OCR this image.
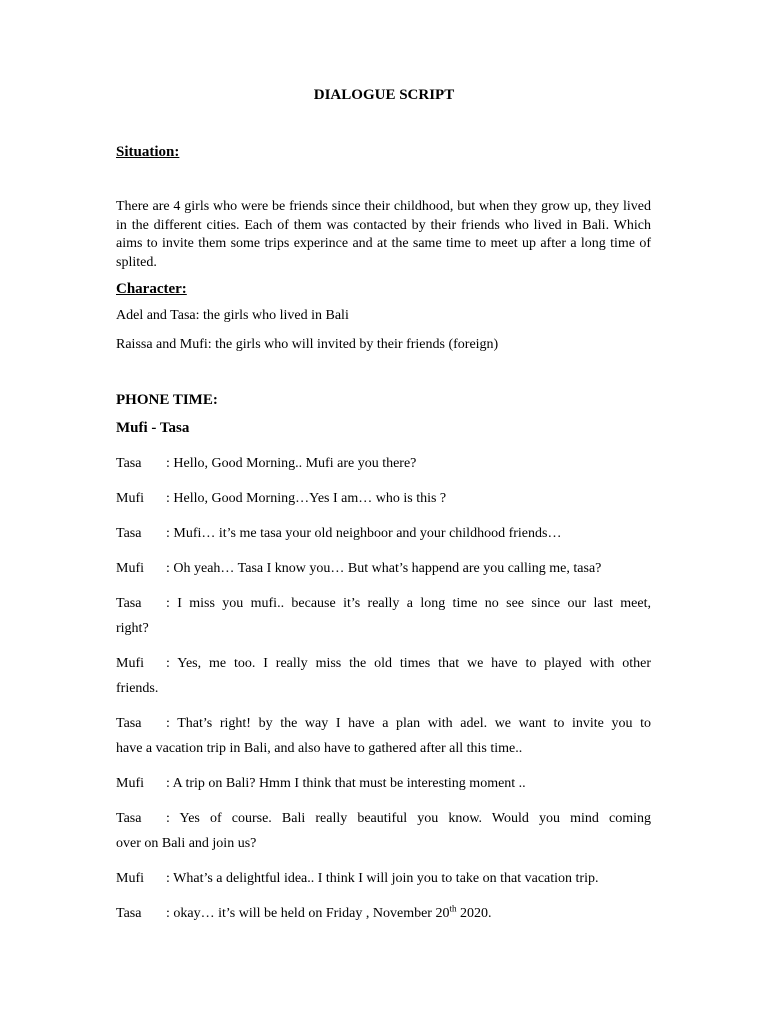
DIALOGUE SCRIPT
Situation:
There are 4 girls who were be friends since their childhood, but when they grow up, they lived in the different cities. Each of them was contacted by their friends who lived in Bali. Which aims to invite them some trips experince and at the same time to meet up after a long time of splited.
Character:
Adel and Tasa: the girls who lived in Bali
Raissa and Mufi: the girls who will invited by their friends (foreign)
PHONE TIME:
Mufi - Tasa
Tasa	: Hello, Good Morning.. Mufi are you there?
Mufi	: Hello, Good Morning…Yes I am… who is this ?
Tasa	: Mufi… it’s me tasa your old neighboor and your childhood friends…
Mufi	: Oh yeah… Tasa I know you… But what’s happend are you calling me, tasa?
Tasa	: I miss you mufi.. because it’s really a long time no see since our last meet,
right?
Mufi	: Yes, me too. I really miss the old times that we have to played with other
friends.
Tasa	: That’s right! by the way I have a plan with adel. we want to invite you to
have a vacation trip in Bali, and also have to gathered after all this time..
Mufi	: A trip on Bali? Hmm I think that must be interesting moment ..
Tasa	: Yes of course. Bali really beautiful you know. Would you mind coming
over on Bali and join us?
Mufi	: What’s a delightful idea.. I think I will join you to take on that vacation trip.
Tasa	: okay… it’s will be held on Friday , November 20th 2020.
